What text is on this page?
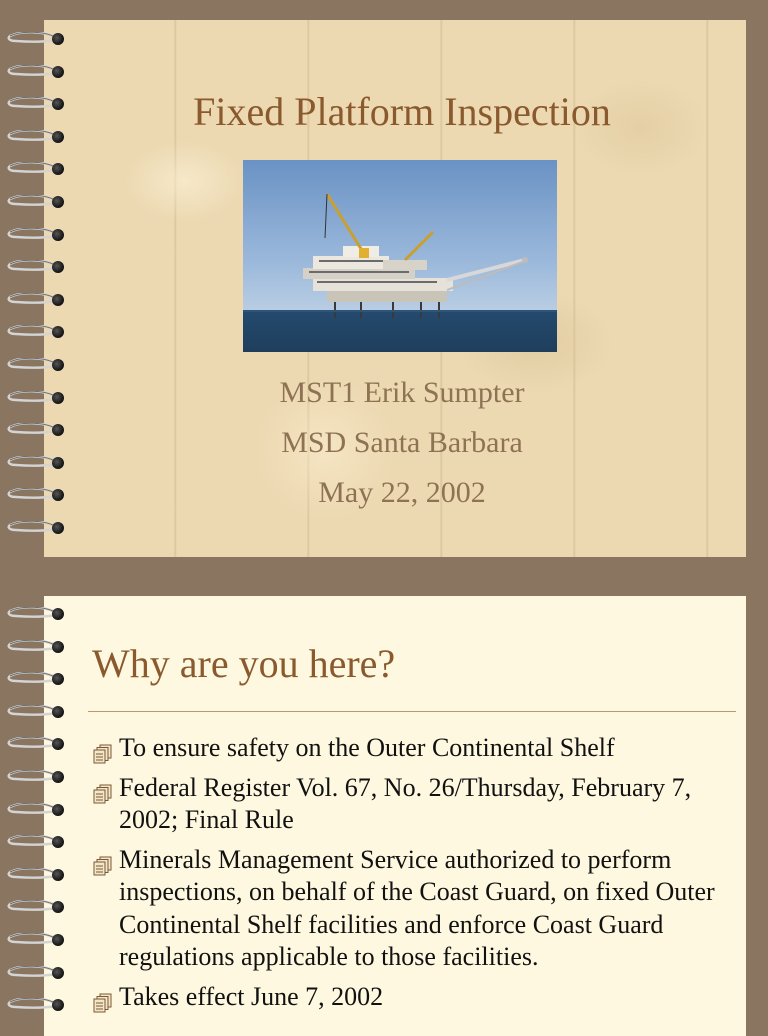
Fixed Platform Inspection
MST1 Erik Sumpter
MSD Santa Barbara
May 22, 2002
Why are you here?
To ensure safety on the Outer Continental Shelf
Federal Register Vol. 67, No. 26/Thursday, February 7, 2002; Final Rule
Minerals Management Service authorized to perform inspections, on behalf of the Coast Guard, on fixed Outer Continental Shelf facilities and enforce Coast Guard regulations applicable to those facilities.
Takes effect June 7, 2002
